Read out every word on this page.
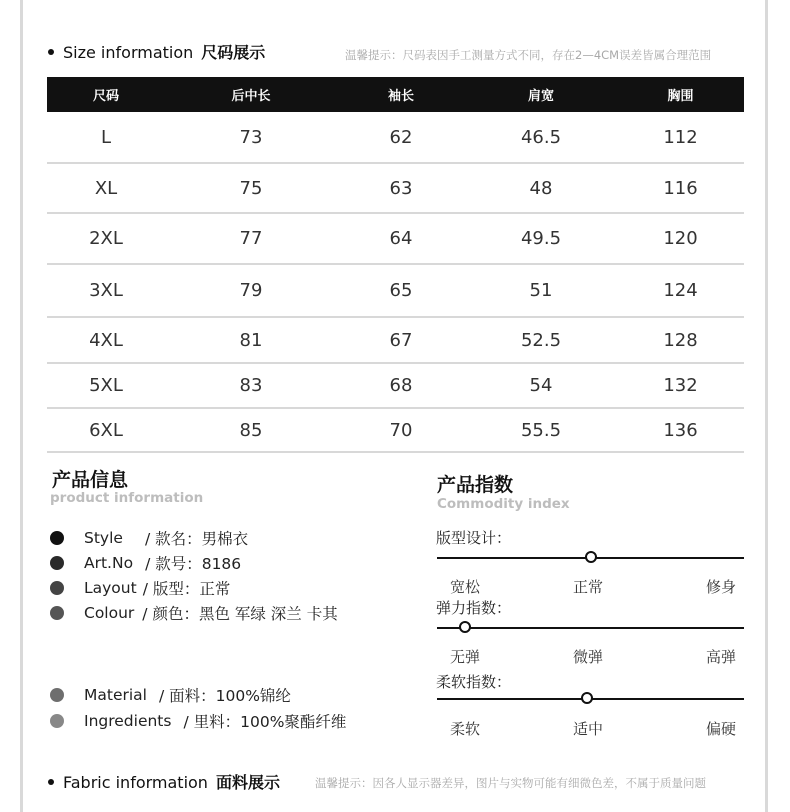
Size information 尺码展示	温馨提示：尺码表因手工测量方式不同，存在2—4CM误差皆属合理范围
尺码	后中长	袖长	肩宽	胸围
L	73	62	46.5	112
XL	75	63	48	116
2XL	77	64	49.5	120
3XL	79	65	51	124
4XL	81	67	52.5	128
5XL	83	68	54	132
6XL	85	70	55.5	136
产品信息
product information
Style / 款名：男棉衣
Art.No / 款号：8186
Layout / 版型：正常
Colour / 颜色：黑色 军绿 深兰 卡其
Material / 面料：100%锦纶
Ingredients / 里料：100%聚酯纤维
产品指数
Commodity index
版型设计：
宽松	正常	修身
弹力指数：
无弹	微弹	高弹
柔软指数：
柔软	适中	偏硬
Fabric information 面料展示	温馨提示：因各人显示器差异，图片与实物可能有细微色差，不属于质量问题
